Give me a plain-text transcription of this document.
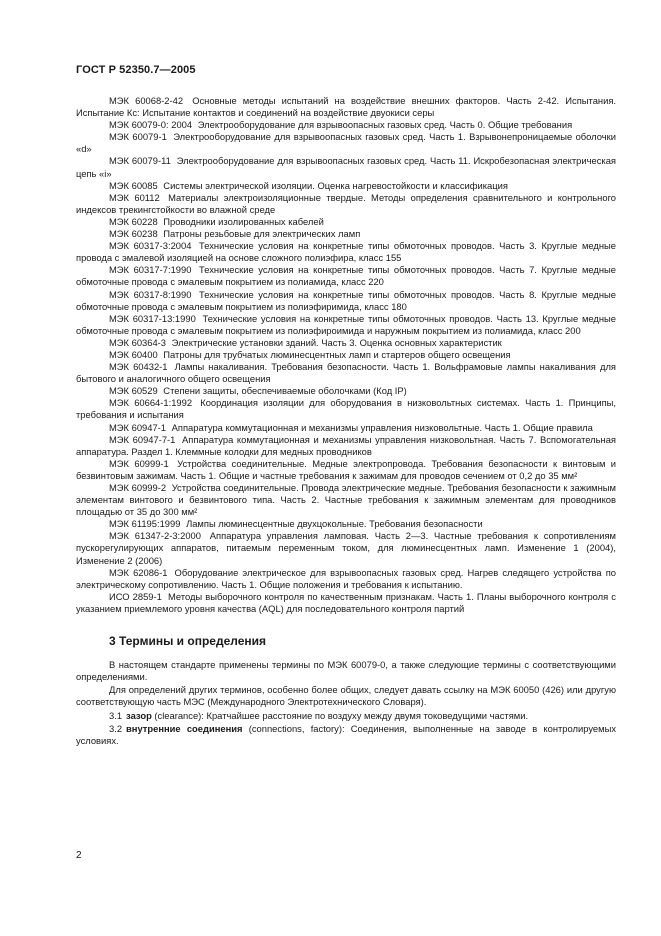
ГОСТ Р 52350.7—2005

МЭК 60068-2-42 Основные методы испытаний на воздействие внешних факторов. Часть 2-42. Испытания. Испытание Кс: Испытание контактов и соединений на воздействие двуокиси серы

МЭК 60079-0: 2004 Электрооборудование для взрывоопасных газовых сред. Часть 0. Общие требования

МЭК 60079-1 Электрооборудование для взрывоопасных газовых сред. Часть 1. Взрывонепроницаемые оболочки «d»

МЭК 60079-11 Электрооборудование для взрывоопасных газовых сред. Часть 11. Искробезопасная электрическая цепь «i»

МЭК 60085 Системы электрической изоляции. Оценка нагревостойкости и классификация

МЭК 60112 Материалы электроизоляционные твердые. Методы определения сравнительного и контрольного индексов трекингстойкости во влажной среде

МЭК 60228 Проводники изолированных кабелей

МЭК 60238 Патроны резьбовые для электрических ламп

МЭК 60317-3:2004 Технические условия на конкретные типы обмоточных проводов. Часть 3. Круглые медные провода с эмалевой изоляцией на основе сложного полиэфира, класс 155

МЭК 60317-7:1990 Технические условия на конкретные типы обмоточных проводов. Часть 7. Круглые медные обмоточные провода с эмалевым покрытием из полиамида, класс 220

МЭК 60317-8:1990 Технические условия на конкретные типы обмоточных проводов. Часть 8. Круглые медные обмоточные провода с эмалевым покрытием из полиэфиримида, класс 180

МЭК 60317-13:1990 Технические условия на конкретные типы обмоточных проводов. Часть 13. Круглые медные обмоточные провода с эмалевым покрытием из полиэфироимида и наружным покрытием из полиамида, класс 200

МЭК 60364-3 Электрические установки зданий. Часть 3. Оценка основных характеристик

МЭК 60400 Патроны для трубчатых люминесцентных ламп и стартеров общего освещения

МЭК 60432-1 Лампы накаливания. Требования безопасности. Часть 1. Вольфрамовые лампы накаливания для бытового и аналогичного общего освещения

МЭК 60529 Степени защиты, обеспечиваемые оболочками (Код IP)

МЭК 60664-1:1992 Координация изоляции для оборудования в низковольтных системах. Часть 1. Принципы, требования и испытания

МЭК 60947-1 Аппаратура коммутационная и механизмы управления низковольтные. Часть 1. Общие правила

МЭК 60947-7-1 Аппаратура коммутационная и механизмы управления низковольтная. Часть 7. Вспомогательная аппаратура. Раздел 1. Клеммные колодки для медных проводников

МЭК 60999-1 Устройства соединительные. Медные электропровода. Требования безопасности к винтовым и безвинтовым зажимам. Часть 1. Общие и частные требования к зажимам для проводов сечением от 0,2 до 35 мм²

МЭК 60999-2 Устройства соединительные. Провода электрические медные. Требования безопасности к зажимным элементам винтового и безвинтового типа. Часть 2. Частные требования к зажимным элементам для проводников площадью от 35 до 300 мм²

МЭК 61195:1999 Лампы люминесцентные двухцокольные. Требования безопасности

МЭК 61347-2-3:2000 Аппаратура управления ламповая. Часть 2—3. Частные требования к сопротивлениям пускорегулирующих аппаратов, питаемым переменным током, для люминесцентных ламп. Изменение 1 (2004), Изменение 2 (2006)

МЭК 62086-1 Оборудование электрическое для взрывоопасных газовых сред. Нагрев следящего устройства по электрическому сопротивлению. Часть 1. Общие положения и требования к испытанию.

ИСО 2859-1 Методы выборочного контроля по качественным признакам. Часть 1. Планы выборочного контроля с указанием приемлемого уровня качества (AQL) для последовательного контроля партий

3 Термины и определения

В настоящем стандарте применены термины по МЭК 60079-0, а также следующие термины с соответствующими определениями.

Для определений других терминов, особенно более общих, следует давать ссылку на МЭК 60050 (426) или другую соответствующую часть МЭС (Международного Электротехнического Словаря).

3.1 зазор (clearance): Кратчайшее расстояние по воздуху между двумя токоведущими частями.

3.2 внутренние соединения (connections, factory): Соединения, выполненные на заводе в контролируемых условиях.

2
